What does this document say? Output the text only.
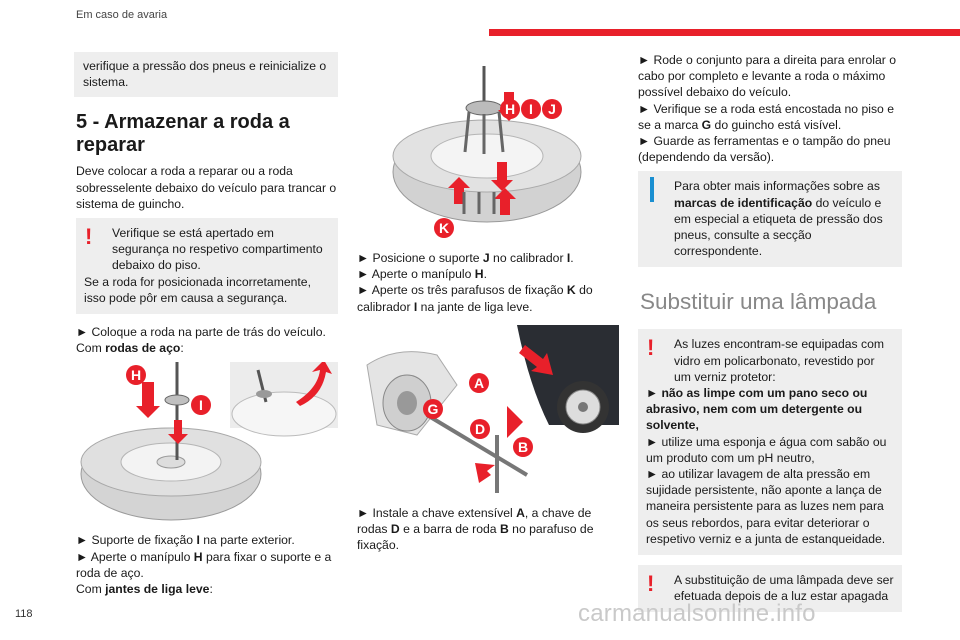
Em caso de avaria
verifique a pressão dos pneus e reinicialize o sistema.
5 - Armazenar a roda a reparar

Deve colocar a roda a reparar ou a roda sobresselente debaixo do veículo para trancar o sistema de guincho.

!	Verifique se está apertado em segurança no respetivo compartimento debaixo do piso.
Se a roda for posicionada incorretamente, isso pode pôr em causa a segurança.

► Coloque a roda na parte de trás do veículo.

Com rodas de aço:

H
I

► Suporte de fixação I na parte exterior.

► Aperte o manípulo H para fixar o suporte e a roda de aço.

Com jantes de liga leve:

H I J
K

► Posicione o suporte J no calibrador I.

► Aperte o manípulo H.

► Aperte os três parafusos de fixação K do calibrador I na jante de liga leve.

A
B
D
G

► Instale a chave extensível A, a chave de rodas D e a barra de roda B no parafuso de fixação.

► Rode o conjunto para a direita para enrolar o cabo por completo e levante a roda o máximo possível debaixo do veículo.

► Verifique se a roda está encostada no piso e se a marca G do guincho está visível.

► Guarde as ferramentas e o tampão do pneu (dependendo da versão).

Para obter mais informações sobre as marcas de identificação do veículo e em especial a etiqueta de pressão dos pneus, consulte a secção correspondente.
Substituir uma lâmpada
!	As luzes encontram-se equipadas com vidro em policarbonato, revestido por um verniz protetor:
► não as limpe com um pano seco ou abrasivo, nem com um detergente ou solvente,
► utilize uma esponja e água com sabão ou um produto com um pH neutro,
► ao utilizar lavagem de alta pressão em sujidade persistente, não aponte a lança de maneira persistente para as luzes nem para os seus rebordos, para evitar deteriorar o respetivo verniz e a junta de estanqueidade.
!	A substituição de uma lâmpada deve ser efetuada depois de a luz estar apagada
118	carmanualsonline.info
